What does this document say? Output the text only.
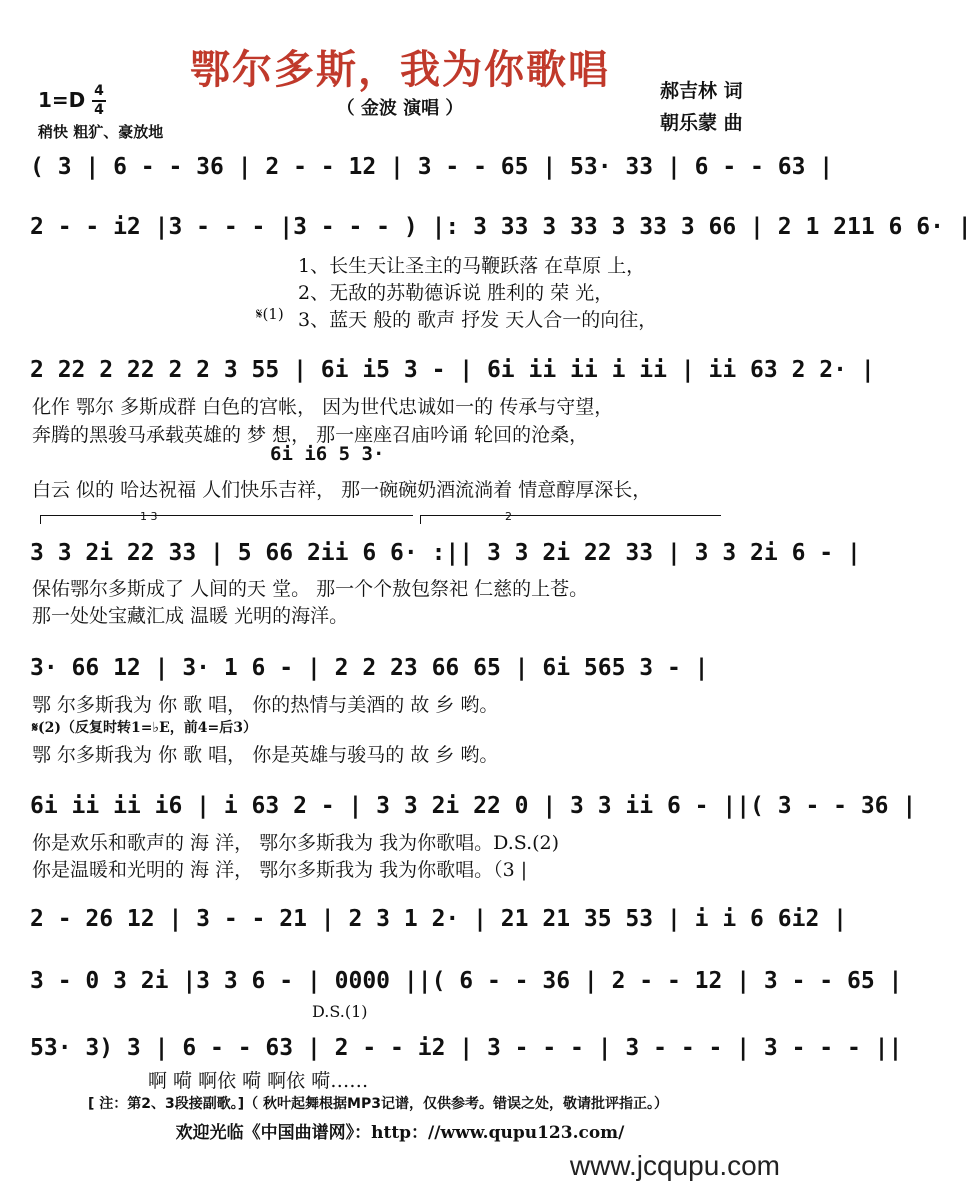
鄂尔多斯，我为你歌唱
（ 金波 演唱 ）
郝吉林 词
朝乐蒙 曲
1=D 4
4
稍快 粗犷、豪放地
( 3 | 6 - - 36 | 2 - - 12 | 3 - - 65 | 53· 33 | 6 - - 63 |
2 - - i2 |3 - - - |3 - - - ) |: 3 33 3 33 3 33 3 66 | 2 1 211 6 6· |
1、长生天让圣主的马鞭跃落 在草原 上，
2、无敌的苏勒德诉说 胜利的 荣 光，
𝄋(1) 3、蓝天 般的 歌声 抒发 天人合一的向往，
2 22 2 22 2 2 3 55 | 6i i5 3 - | 6i ii ii i ii | ii 63 2 2· |
化作 鄂尔 多斯成群 白色的宫帐， 因为世代忠诚如一的 传承与守望，
奔腾的黑骏马承载英雄的 梦 想， 那一座座召庙吟诵 轮回的沧桑，
6i i6 5 3·
白云 似的 哈达祝福 人们快乐吉祥， 那一碗碗奶酒流淌着 情意醇厚深长，
1 3	2
3 3 2i 22 33 | 5 66 2ii 6 6· :|| 3 3 2i 22 33 | 3 3 2i 6 - |
保佑鄂尔多斯成了 人间的天 堂。 那一个个敖包祭祀 仁慈的上苍。
那一处处宝藏汇成 温暖 光明的海洋。
3· 66 12 | 3· 1 6 - | 2 2 23 66 65 | 6i 565 3 - |
鄂 尔多斯我为 你 歌 唱， 你的热情与美酒的 故 乡 哟。
𝄋(2)（反复时转1=♭E，前4=后3）
鄂 尔多斯我为 你 歌 唱， 你是英雄与骏马的 故 乡 哟。
6i ii ii i6 | i 63 2 - | 3 3 2i 22 0 | 3 3 ii 6 - ||( 3 - - 36 |
你是欢乐和歌声的 海 洋， 鄂尔多斯我为 我为你歌唱。D.S.(2)
你是温暖和光明的 海 洋， 鄂尔多斯我为 我为你歌唱。（3 |
2 - 26 12 | 3 - - 21 | 2 3 1 2· | 21 21 35 53 | i i 6 6i2 |
3 - 0 3 2i |3 3 6 - | 0000 ||( 6 - - 36 | 2 - - 12 | 3 - - 65 |
D.S.(1)
53· 3) 3 | 6 - - 63 | 2 - - i2 | 3 - - - | 3 - - - | 3 - - - ||
啊 嗬 啊依 嗬 啊依 嗬……
[ 注：第2、3段接副歌。]（ 秋叶起舞根据MP3记谱，仅供参考。错误之处，敬请批评指正。）
欢迎光临《中国曲谱网》：http：//www.qupu123.com/
www.jcqupu.com
